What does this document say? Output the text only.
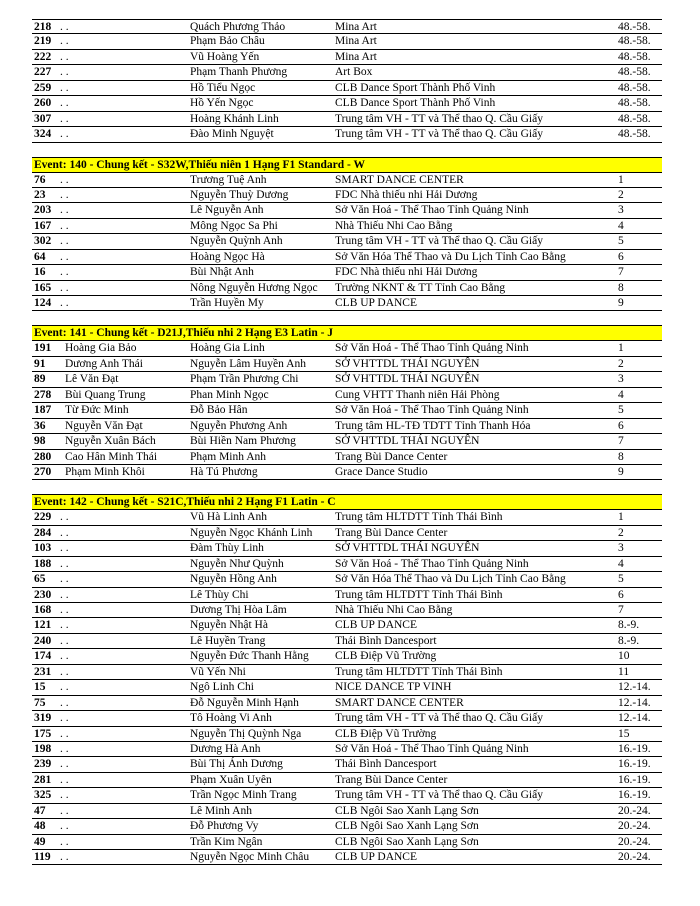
218 . .	Quách Phương Thảo	Mina Art	48.-58.
219 . .	Phạm Bảo Châu	Mina Art	48.-58.
222 . .	Vũ Hoàng Yến	Mina Art	48.-58.
227 . .	Phạm Thanh Phương	Art Box	48.-58.
259 . .	Hồ Tiểu Ngọc	CLB Dance Sport Thành Phố Vinh	48.-58.
260 . .	Hồ Yến Ngọc	CLB Dance Sport Thành Phố Vinh	48.-58.
307 . .	Hoàng Khánh Linh	Trung tâm VH - TT và Thể thao Q. Cầu Giấy	48.-58.
324 . .	Đào Minh Nguyệt	Trung tâm VH - TT và Thể thao Q. Cầu Giấy	48.-58.
Event: 140 - Chung kết - S32W,Thiếu niên 1 Hạng F1 Standard - W
76	. .	Trương Tuệ Anh	SMART DANCE CENTER	1
23	. .	Nguyễn Thuỳ Dương	FDC Nhà thiếu nhi Hải Dương	2
203 . .	Lê Nguyễn Anh	Sở Văn Hoá - Thể Thao Tỉnh Quảng Ninh	3
167 . .	Mông Ngọc Sa Phi	Nhà Thiếu Nhi Cao Bằng	4
302 . .	Nguyễn Quỳnh Anh	Trung tâm VH - TT và Thể thao Q. Cầu Giấy	5
64	. .	Hoàng Ngọc Hà	Sở Văn Hóa Thể Thao và Du Lịch Tỉnh Cao Bằng	6
16	. .	Bùi Nhật Anh	FDC Nhà thiếu nhi Hải Dương	7
165 . .	Nông Nguyễn Hương Ngọc	Trường NKNT & TT Tỉnh Cao Bằng	8
124 . .	Trần Huyền My	CLB UP DANCE	9
Event: 141 - Chung kết - D21J,Thiếu nhi 2 Hạng E3 Latin - J
191	Hoàng Gia Bảo	Hoàng Gia Linh	Sở Văn Hoá - Thể Thao Tỉnh Quảng Ninh	1
91	Dương Anh Thái	Nguyễn Lâm Huyền Anh	SỞ VHTTDL THÁI NGUYÊN	2
89	Lê Văn Đạt	Phạm Trần Phương Chi	SỞ VHTTDL THÁI NGUYÊN	3
278	Bùi Quang Trung	Phan Minh Ngọc	Cung VHTT Thanh niên Hải Phòng	4
187	Từ Đức Minh	Đỗ Bảo Hân	Sở Văn Hoá - Thể Thao Tỉnh Quảng Ninh	5
36	Nguyễn Văn Đạt	Nguyễn Phương Anh	Trung tâm HL-TĐ TDTT Tỉnh Thanh Hóa	6
98	Nguyễn Xuân Bách	Bùi Hiền Nam Phương	SỞ VHTTDL THÁI NGUYÊN	7
280	Cao Hân Minh Thái	Phạm Minh Anh	Trang Bùi Dance Center	8
270	Phạm Minh Khôi	Hà Tú Phương	Grace Dance Studio	9
Event: 142 - Chung kết - S21C,Thiếu nhi 2 Hạng F1 Latin - C
229 . .	Vũ Hà Linh Anh	Trung tâm HLTDTT Tỉnh Thái Bình	1
284 . .	Nguyễn Ngọc Khánh Linh	Trang Bùi Dance Center	2
103 . .	Đàm Thùy Linh	SỞ VHTTDL THÁI NGUYÊN	3
188 . .	Nguyễn Như Quỳnh	Sở Văn Hoá - Thể Thao Tỉnh Quảng Ninh	4
65	. .	Nguyễn Hồng Anh	Sở Văn Hóa Thể Thao và Du Lịch Tỉnh Cao Bằng	5
230 . .	Lê Thùy Chi	Trung tâm HLTDTT Tỉnh Thái Bình	6
168 . .	Dương Thị Hòa Lâm	Nhà Thiếu Nhi Cao Bằng	7
121 . .	Nguyễn Nhật Hà	CLB UP DANCE	8.-9.
240 . .	Lê Huyền Trang	Thái Bình Dancesport	8.-9.
174 . .	Nguyễn Đức Thanh Hằng	CLB Điệp Vũ Trường	10
231 . .	Vũ Yến Nhi	Trung tâm HLTDTT Tỉnh Thái Bình	11
15	. .	Ngô Linh Chi	NICE DANCE TP VINH	12.-14.
75	. .	Đỗ Nguyễn Minh Hạnh	SMART DANCE CENTER	12.-14.
319 . .	Tô Hoàng Vi Anh	Trung tâm VH - TT và Thể thao Q. Cầu Giấy	12.-14.
175 . .	Nguyễn Thị Quỳnh Nga	CLB Điệp Vũ Trường	15
198 . .	Dương Hà Anh	Sở Văn Hoá - Thể Thao Tỉnh Quảng Ninh	16.-19.
239 . .	Bùi Thị Ánh Dương	Thái Bình Dancesport	16.-19.
281 . .	Phạm Xuân Uyên	Trang Bùi Dance Center	16.-19.
325 . .	Trần Ngọc Minh Trang	Trung tâm VH - TT và Thể thao Q. Cầu Giấy	16.-19.
47	. .	Lê Minh Anh	CLB Ngôi Sao Xanh Lạng Sơn	20.-24.
48	. .	Đỗ Phương Vy	CLB Ngôi Sao Xanh Lạng Sơn	20.-24.
49	. .	Trần Kim Ngân	CLB Ngôi Sao Xanh Lạng Sơn	20.-24.
119 . .	Nguyễn Ngọc Minh Châu	CLB UP DANCE	20.-24.
